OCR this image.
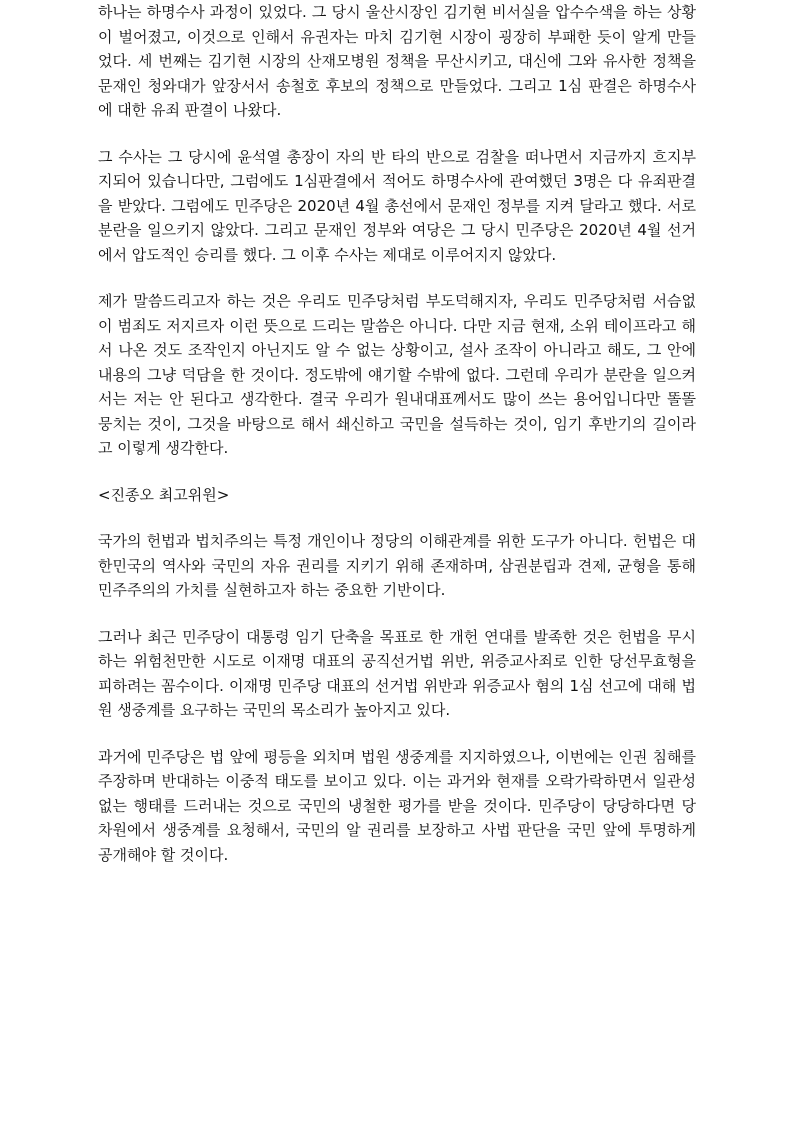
하나는 하명수사 과정이 있었다. 그 당시 울산시장인 김기현 비서실을 압수수색을 하는 상황이 벌어졌고, 이것으로 인해서 유권자는 마치 김기현 시장이 굉장히 부패한 듯이 알게 만들었다. 세 번째는 김기현 시장의 산재모병원 정책을 무산시키고, 대신에 그와 유사한 정책을 문재인 청와대가 앞장서서 송철호 후보의 정책으로 만들었다. 그리고 1심 판결은 하명수사에 대한 유죄 판결이 나왔다.

그 수사는 그 당시에 윤석열 총장이 자의 반 타의 반으로 검찰을 떠나면서 지금까지 흐지부지되어 있습니다만, 그럼에도 1심판결에서 적어도 하명수사에 관여했던 3명은 다 유죄판결을 받았다. 그럼에도 민주당은 2020년 4월 총선에서 문재인 정부를 지켜 달라고 했다. 서로 분란을 일으키지 않았다. 그리고 문재인 정부와 여당은 그 당시 민주당은 2020년 4월 선거에서 압도적인 승리를 했다. 그 이후 수사는 제대로 이루어지지 않았다.

제가 말씀드리고자 하는 것은 우리도 민주당처럼 부도덕해지자, 우리도 민주당처럼 서슴없이 범죄도 저지르자 이런 뜻으로 드리는 말씀은 아니다. 다만 지금 현재, 소위 테이프라고 해서 나온 것도 조작인지 아닌지도 알 수 없는 상황이고, 설사 조작이 아니라고 해도, 그 안에 내용의 그냥 덕담을 한 것이다. 정도밖에 얘기할 수밖에 없다. 그런데 우리가 분란을 일으켜서는 저는 안 된다고 생각한다. 결국 우리가 원내대표께서도 많이 쓰는 용어입니다만 똘똘 뭉치는 것이, 그것을 바탕으로 해서 쇄신하고 국민을 설득하는 것이, 임기 후반기의 길이라고 이렇게 생각한다.

<진종오 최고위원>

국가의 헌법과 법치주의는 특정 개인이나 정당의 이해관계를 위한 도구가 아니다. 헌법은 대한민국의 역사와 국민의 자유 권리를 지키기 위해 존재하며, 삼권분립과 견제, 균형을 통해 민주주의의 가치를 실현하고자 하는 중요한 기반이다.

그러나 최근 민주당이 대통령 임기 단축을 목표로 한 개헌 연대를 발족한 것은 헌법을 무시하는 위험천만한 시도로 이재명 대표의 공직선거법 위반, 위증교사죄로 인한 당선무효형을 피하려는 꼼수이다. 이재명 민주당 대표의 선거법 위반과 위증교사 혐의 1심 선고에 대해 법원 생중계를 요구하는 국민의 목소리가 높아지고 있다.

과거에 민주당은 법 앞에 평등을 외치며 법원 생중계를 지지하였으나, 이번에는 인권 침해를 주장하며 반대하는 이중적 태도를 보이고 있다. 이는 과거와 현재를 오락가락하면서 일관성 없는 행태를 드러내는 것으로 국민의 냉철한 평가를 받을 것이다. 민주당이 당당하다면 당 차원에서 생중계를 요청해서, 국민의 알 권리를 보장하고 사법 판단을 국민 앞에 투명하게 공개해야 할 것이다.
